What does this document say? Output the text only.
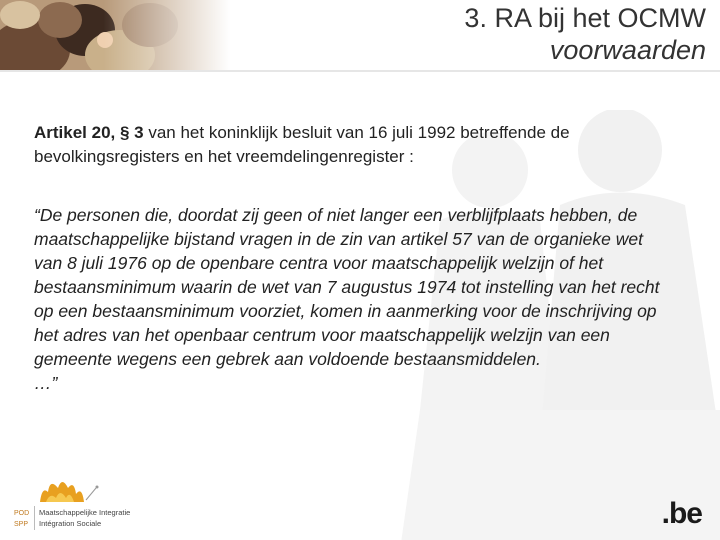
3. RA bij het OCMW
voorwaarden
Artikel 20, § 3 van het koninklijk besluit van 16 juli 1992 betreffende de bevolkingsregisters en het vreemdelingenregister :
“De personen die, doordat zij geen of niet langer een verblijfplaats hebben, de maatschappelijke bijstand vragen in de zin van artikel 57 van de organieke wet van 8 juli 1976 op de openbare centra voor maatschappelijk welzijn of het bestaansminimum waarin de wet van 7 augustus 1974 tot instelling van het recht op een bestaansminimum voorziet, komen in aanmerking voor de inschrijving op het adres van het openbaar centrum voor maatschappelijk welzijn van een gemeente wegens een gebrek aan voldoende bestaansmiddelen.
…”
POD
SPP
Maatschappelijke Integratie
Intégration Sociale	.be
